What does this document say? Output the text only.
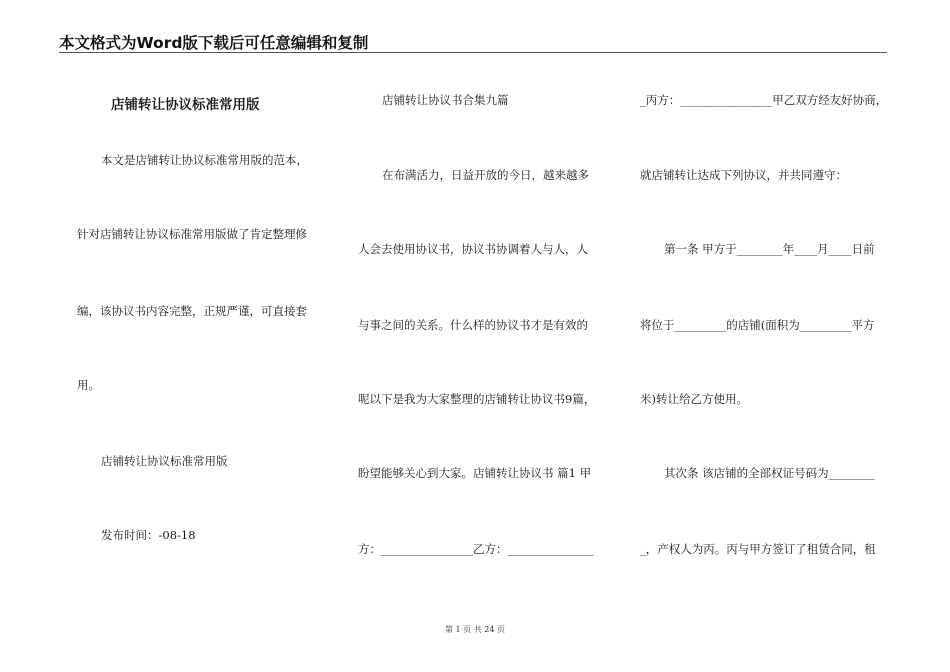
本文格式为Word版下载后可任意编辑和复制
店铺转让协议标准常用版
本文是店铺转让协议标准常用版的范本，
针对店铺转让协议标准常用版做了肯定整理修
编，该协议书内容完整，正规严谨，可直接套
用。
店铺转让协议标准常用版
发布时间：-08-18
店铺转让协议书合集九篇
在布满活力，日益开放的今日，越来越多
人会去使用协议书，协议书协调着人与人，人
与事之间的关系。什么样的协议书才是有效的
呢以下是我为大家整理的店铺转让协议书9篇，
盼望能够关心到大家。店铺转让协议书 篇1 甲
方：________________乙方：_______________
_丙方：________________甲乙双方经友好协商，
就店铺转让达成下列协议，并共同遵守：
第一条 甲方于________年____月____日前
将位于_________的店铺(面积为_________平方
米)转让给乙方使用。
其次条 该店铺的全部权证号码为________
_，产权人为丙。丙与甲方签订了租赁合同，租
第 1 页 共 24 页
